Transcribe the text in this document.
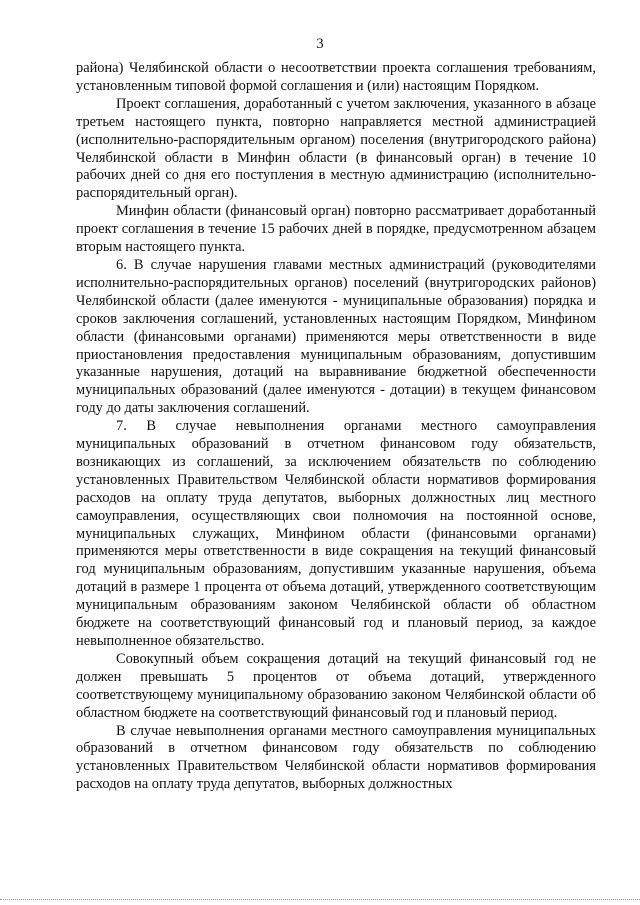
3

района) Челябинской области о несоответствии проекта соглашения требованиям, установленным типовой формой соглашения и (или) настоящим Порядком.

Проект соглашения, доработанный с учетом заключения, указанного в абзаце третьем настоящего пункта, повторно направляется местной администрацией (исполнительно-распорядительным органом) поселения (внутригородского района) Челябинской области в Минфин области (в финансовый орган) в течение 10 рабочих дней со дня его поступления в местную администрацию (исполнительно-распорядительный орган).

Минфин области (финансовый орган) повторно рассматривает доработанный проект соглашения в течение 15 рабочих дней в порядке, предусмотренном абзацем вторым настоящего пункта.

6. В случае нарушения главами местных администраций (руководителями исполнительно-распорядительных органов) поселений (внутригородских районов) Челябинской области (далее именуются - муниципальные образования) порядка и сроков заключения соглашений, установленных настоящим Порядком, Минфином области (финансовыми органами) применяются меры ответственности в виде приостановления предоставления муниципальным образованиям, допустившим указанные нарушения, дотаций на выравнивание бюджетной обеспеченности муниципальных образований (далее именуются - дотации) в текущем финансовом году до даты заключения соглашений.

7. В случае невыполнения органами местного самоуправления муниципальных образований в отчетном финансовом году обязательств, возникающих из соглашений, за исключением обязательств по соблюдению установленных Правительством Челябинской области нормативов формирования расходов на оплату труда депутатов, выборных должностных лиц местного самоуправления, осуществляющих свои полномочия на постоянной основе, муниципальных служащих, Минфином области (финансовыми органами) применяются меры ответственности в виде сокращения на текущий финансовый год муниципальным образованиям, допустившим указанные нарушения, объема дотаций в размере 1 процента от объема дотаций, утвержденного соответствующим муниципальным образованиям законом Челябинской области об областном бюджете на соответствующий финансовый год и плановый период, за каждое невыполненное обязательство.

Совокупный объем сокращения дотаций на текущий финансовый год не должен превышать 5 процентов от объема дотаций, утвержденного соответствующему муниципальному образованию законом Челябинской области об областном бюджете на соответствующий финансовый год и плановый период.

В случае невыполнения органами местного самоуправления муниципальных образований в отчетном финансовом году обязательств по соблюдению установленных Правительством Челябинской области нормативов формирования расходов на оплату труда депутатов, выборных должностных
